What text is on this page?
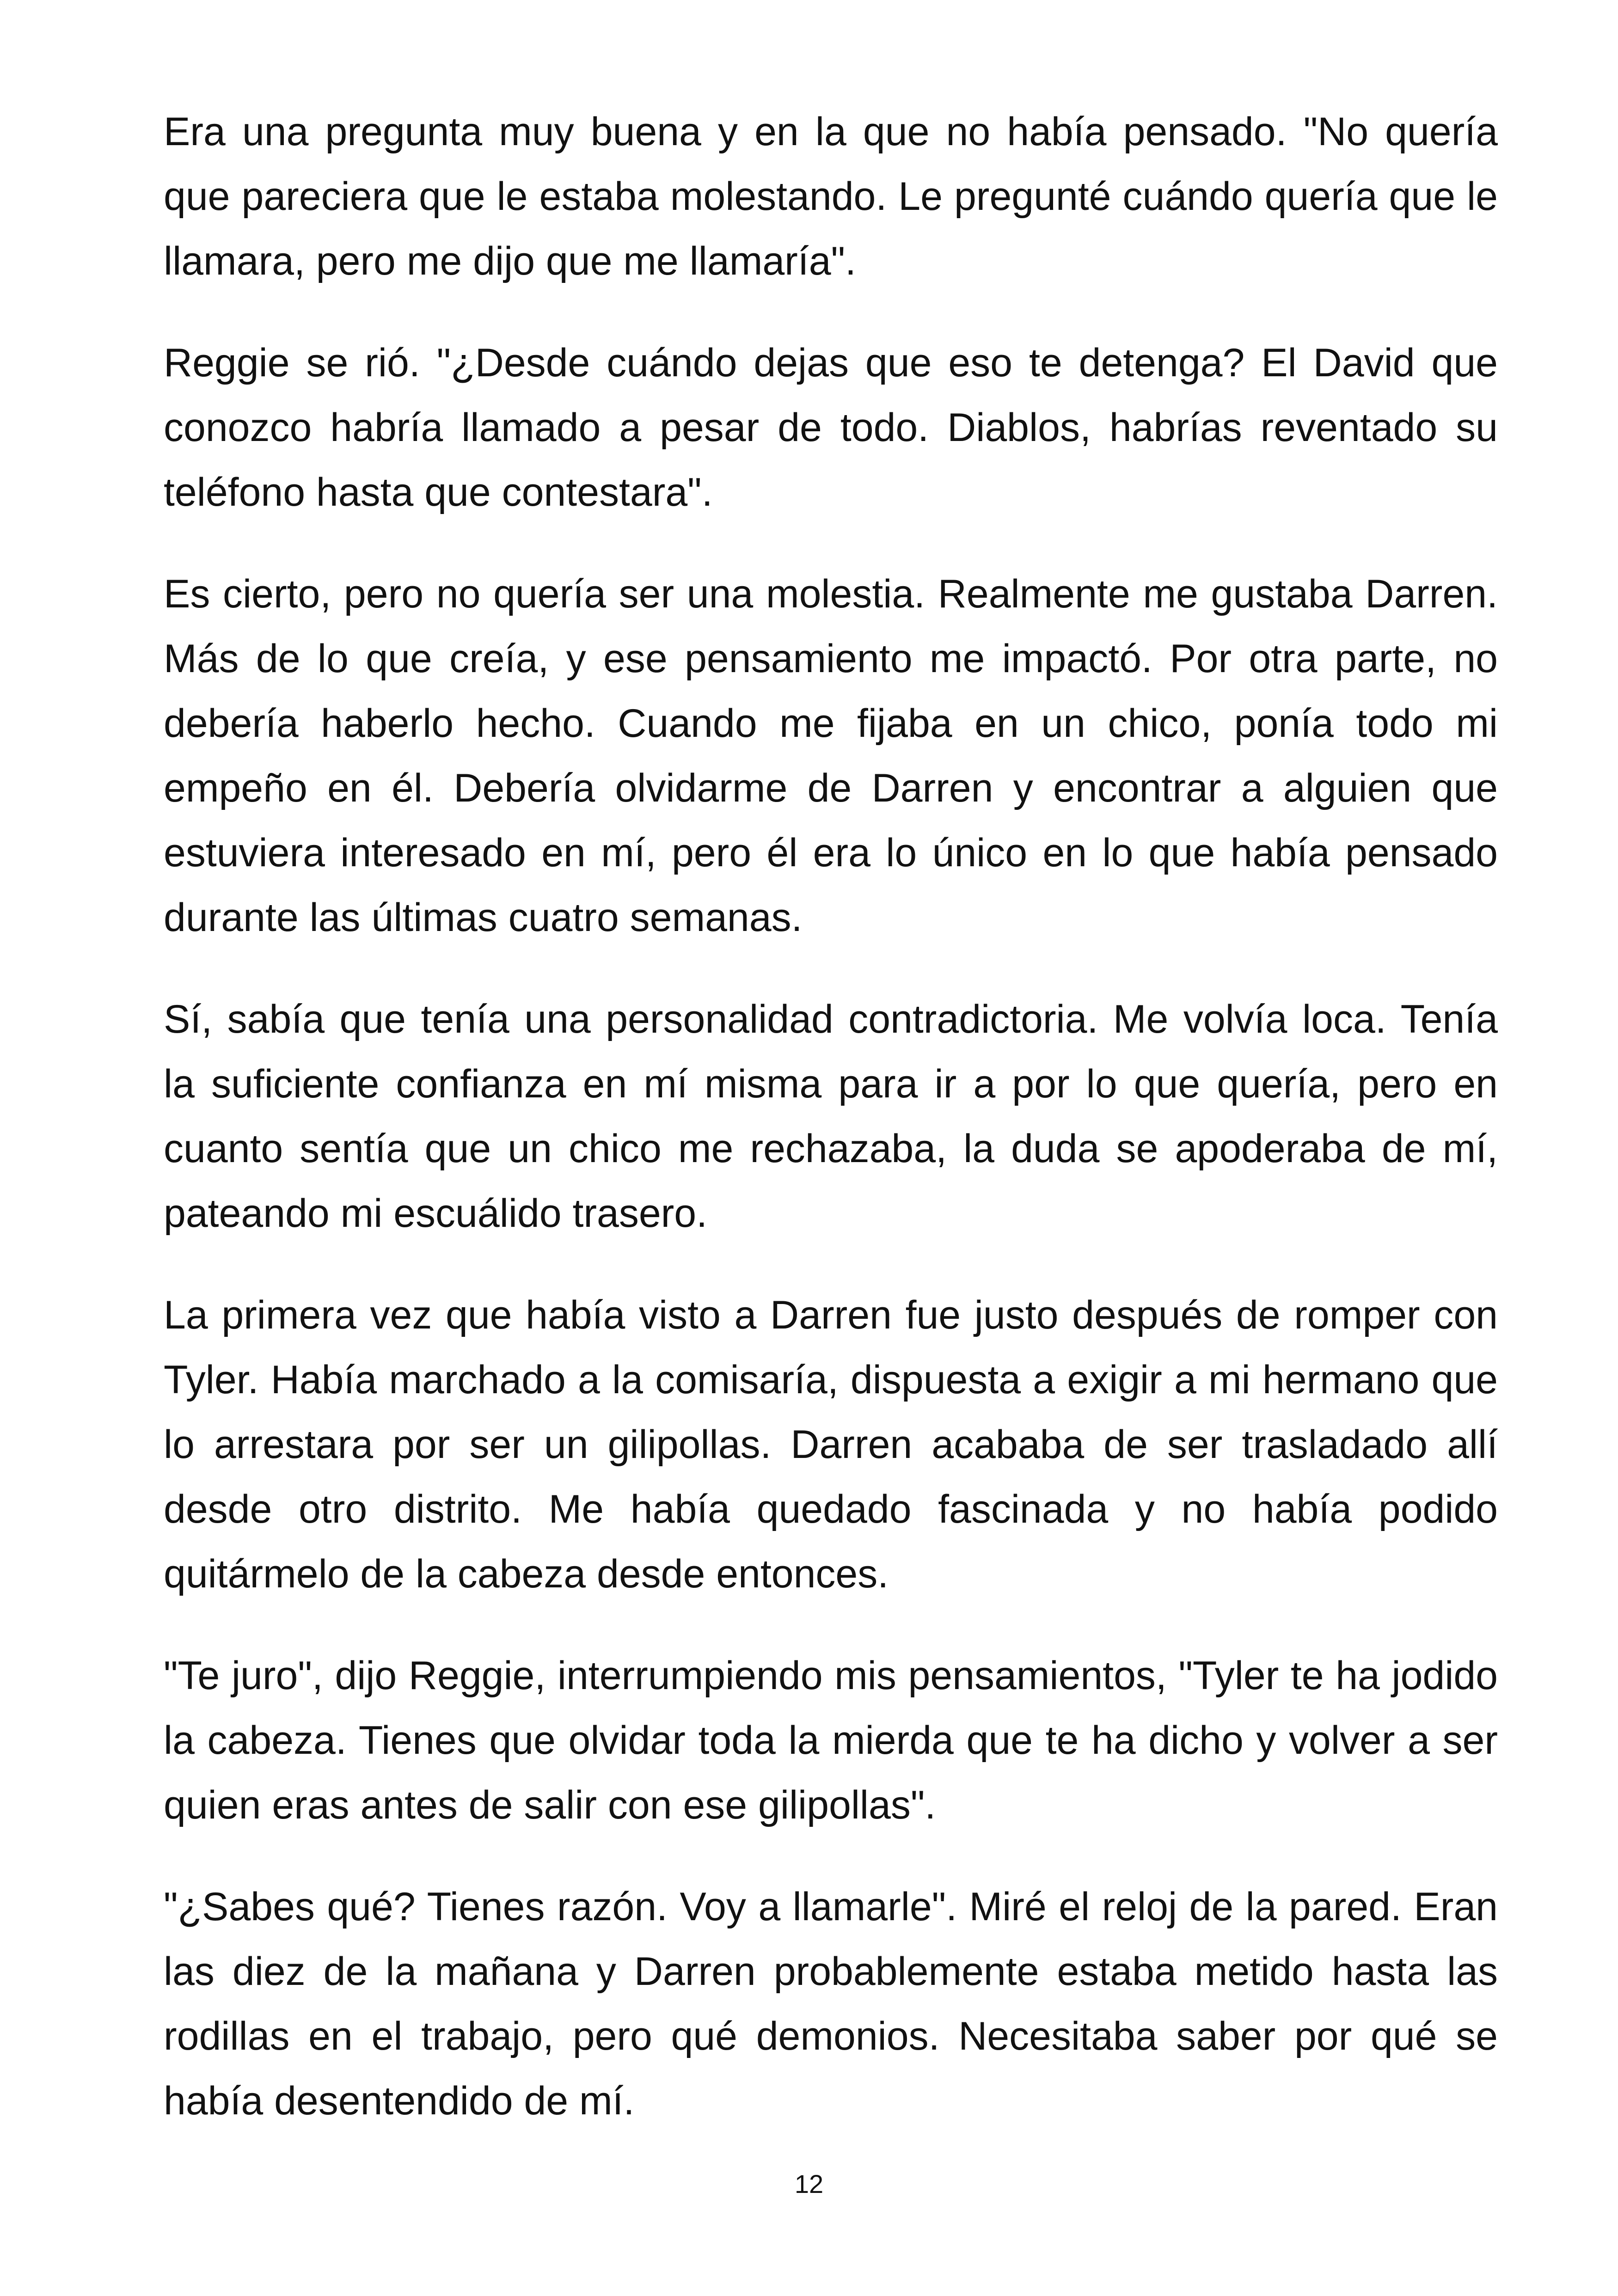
Era una pregunta muy buena y en la que no había pensado. "No quería que pareciera que le estaba molestando. Le pregunté cuándo quería que le llamara, pero me dijo que me llamaría".

Reggie se rió. "¿Desde cuándo dejas que eso te detenga? El David que conozco habría llamado a pesar de todo. Diablos, habrías reventado su teléfono hasta que contestara".

Es cierto, pero no quería ser una molestia. Realmente me gustaba Darren. Más de lo que creía, y ese pensamiento me impactó. Por otra parte, no debería haberlo hecho. Cuando me fijaba en un chico, ponía todo mi empeño en él. Debería olvidarme de Darren y encontrar a alguien que estuviera interesado en mí, pero él era lo único en lo que había pensado durante las últimas cuatro semanas.

Sí, sabía que tenía una personalidad contradictoria. Me volvía loca. Tenía la suficiente confianza en mí misma para ir a por lo que quería, pero en cuanto sentía que un chico me rechazaba, la duda se apoderaba de mí, pateando mi escuálido trasero.

La primera vez que había visto a Darren fue justo después de romper con Tyler. Había marchado a la comisaría, dispuesta a exigir a mi hermano que lo arrestara por ser un gilipollas. Darren acababa de ser trasladado allí desde otro distrito. Me había quedado fascinada y no había podido quitármelo de la cabeza desde entonces.

"Te juro", dijo Reggie, interrumpiendo mis pensamientos, "Tyler te ha jodido la cabeza. Tienes que olvidar toda la mierda que te ha dicho y volver a ser quien eras antes de salir con ese gilipollas".

"¿Sabes qué? Tienes razón. Voy a llamarle". Miré el reloj de la pared. Eran las diez de la mañana y Darren probablemente estaba metido hasta las rodillas en el trabajo, pero qué demonios. Necesitaba saber por qué se había desentendido de mí.

12
